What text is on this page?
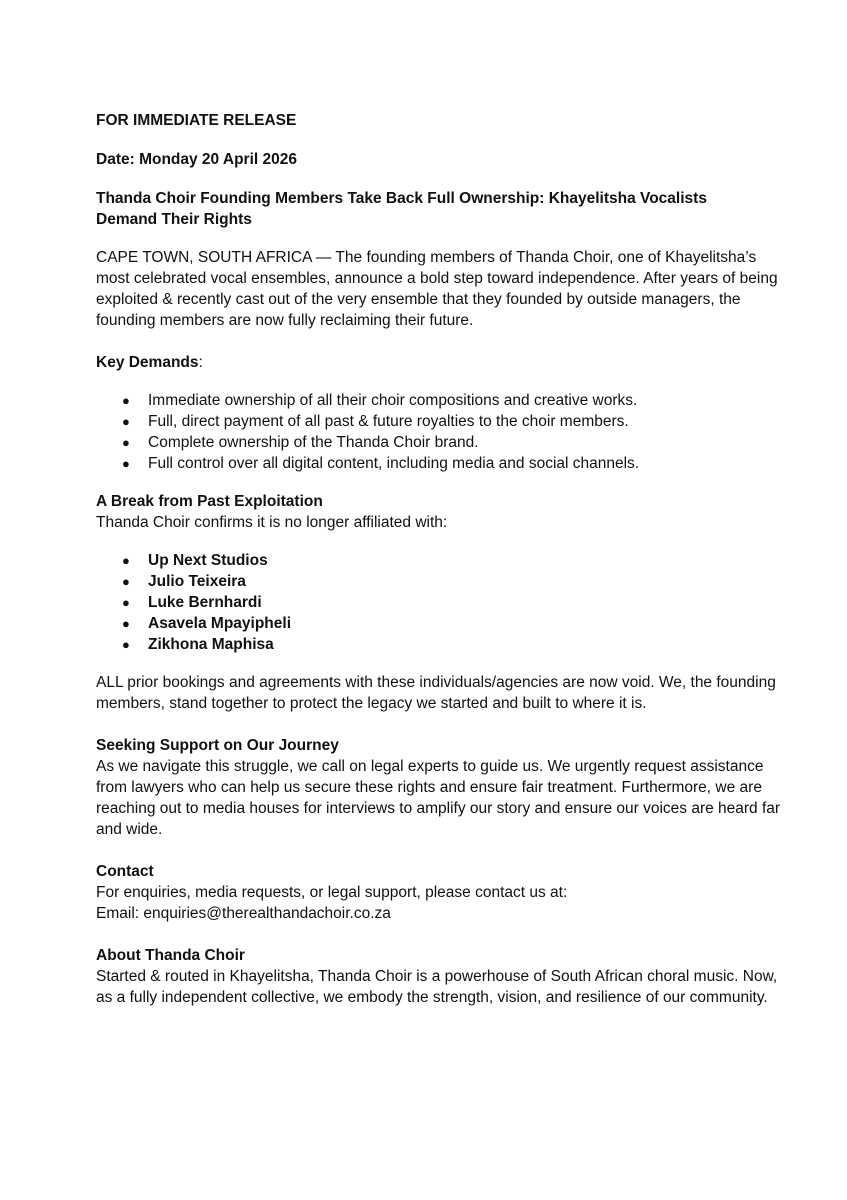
FOR IMMEDIATE RELEASE

Date: Monday 20 April 2026

Thanda Choir Founding Members Take Back Full Ownership: Khayelitsha Vocalists Demand Their Rights

CAPE TOWN, SOUTH AFRICA — The founding members of Thanda Choir, one of Khayelitsha’s most celebrated vocal ensembles, announce a bold step toward independence. After years of being exploited & recently cast out of the very ensemble that they founded by outside managers, the founding members are now fully reclaiming their future.

Key Demands:

● Immediate ownership of all their choir compositions and creative works.
● Full, direct payment of all past & future royalties to the choir members.
● Complete ownership of the Thanda Choir brand.
● Full control over all digital content, including media and social channels.

A Break from Past Exploitation

Thanda Choir confirms it is no longer affiliated with:

● Up Next Studios
● Julio Teixeira
● Luke Bernhardi
● Asavela Mpayipheli
● Zikhona Maphisa

ALL prior bookings and agreements with these individuals/agencies are now void. We, the founding members, stand together to protect the legacy we started and built to where it is.

Seeking Support on Our Journey

As we navigate this struggle, we call on legal experts to guide us. We urgently request assistance from lawyers who can help us secure these rights and ensure fair treatment. Furthermore, we are reaching out to media houses for interviews to amplify our story and ensure our voices are heard far and wide.

Contact

For enquiries, media requests, or legal support, please contact us at:

Email: enquiries@therealthandachoir.co.za

About Thanda Choir

Started & routed in Khayelitsha, Thanda Choir is a powerhouse of South African choral music. Now, as a fully independent collective, we embody the strength, vision, and resilience of our community.
